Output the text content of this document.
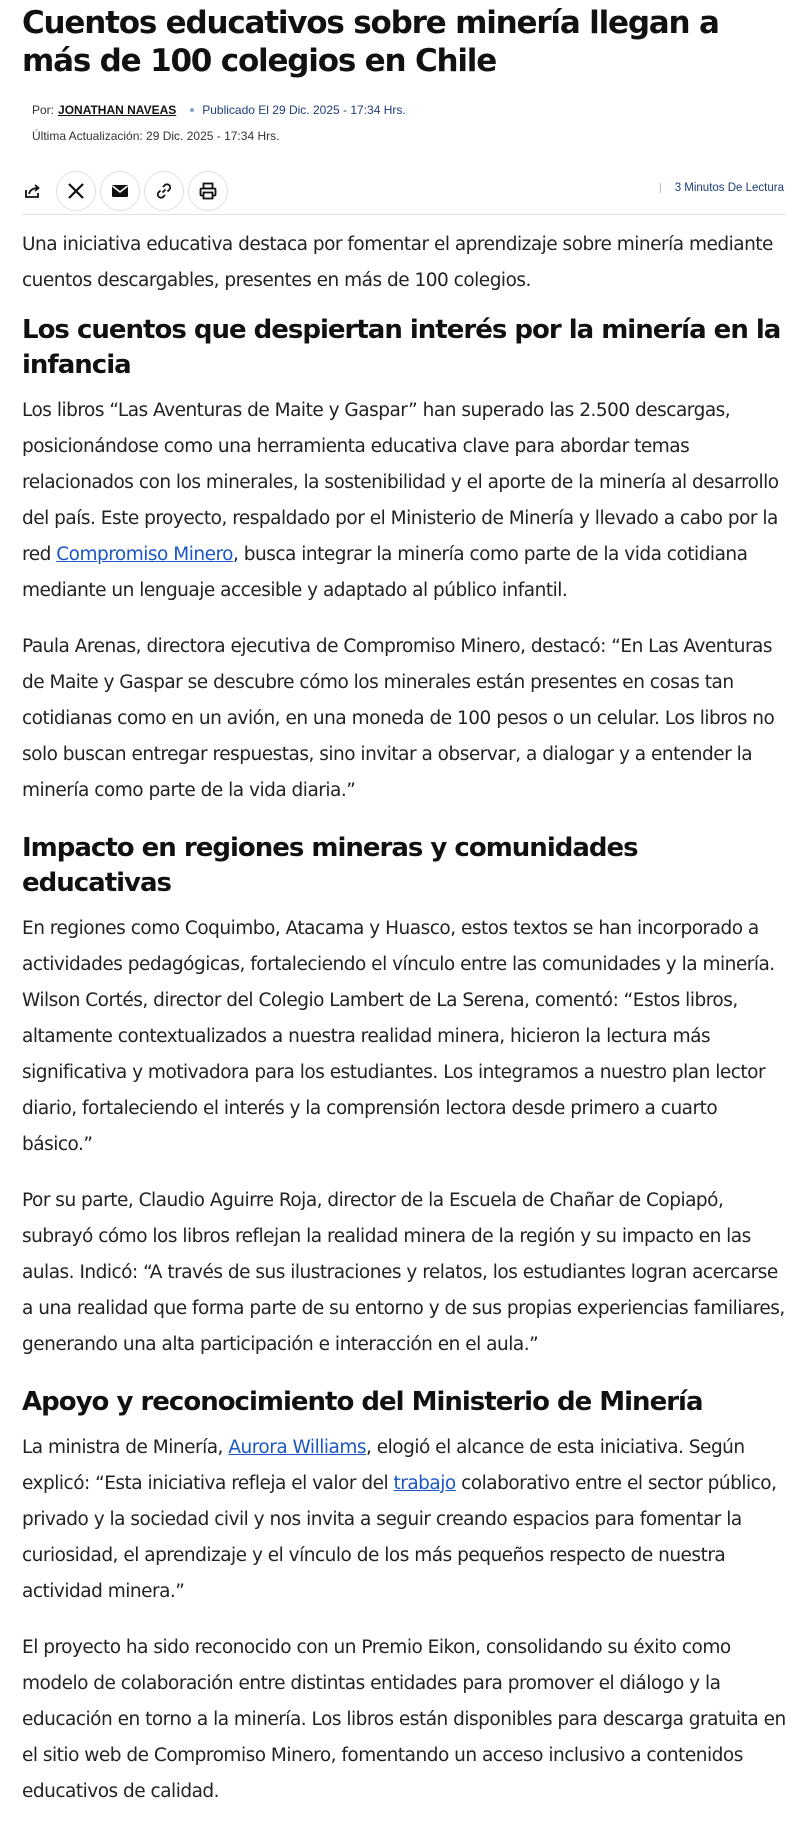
Cuentos educativos sobre minería llegan a más de 100 colegios en Chile
Por: JONATHAN NAVEAS Publicado El 29 Dic. 2025 - 17:34 Hrs.
Última Actualización: 29 Dic. 2025 - 17:34 Hrs.
3 Minutos De Lectura

Una iniciativa educativa destaca por fomentar el aprendizaje sobre minería mediante cuentos descargables, presentes en más de 100 colegios.

Los cuentos que despiertan interés por la minería en la infancia

Los libros “Las Aventuras de Maite y Gaspar” han superado las 2.500 descargas, posicionándose como una herramienta educativa clave para abordar temas relacionados con los minerales, la sostenibilidad y el aporte de la minería al desarrollo del país. Este proyecto, respaldado por el Ministerio de Minería y llevado a cabo por la red Compromiso Minero, busca integrar la minería como parte de la vida cotidiana mediante un lenguaje accesible y adaptado al público infantil.

Paula Arenas, directora ejecutiva de Compromiso Minero, destacó: “En Las Aventuras de Maite y Gaspar se descubre cómo los minerales están presentes en cosas tan cotidianas como en un avión, en una moneda de 100 pesos o un celular. Los libros no solo buscan entregar respuestas, sino invitar a observar, a dialogar y a entender la minería como parte de la vida diaria.”

Impacto en regiones mineras y comunidades educativas

En regiones como Coquimbo, Atacama y Huasco, estos textos se han incorporado a actividades pedagógicas, fortaleciendo el vínculo entre las comunidades y la minería. Wilson Cortés, director del Colegio Lambert de La Serena, comentó: “Estos libros, altamente contextualizados a nuestra realidad minera, hicieron la lectura más significativa y motivadora para los estudiantes. Los integramos a nuestro plan lector diario, fortaleciendo el interés y la comprensión lectora desde primero a cuarto básico.”

Por su parte, Claudio Aguirre Roja, director de la Escuela de Chañar de Copiapó, subrayó cómo los libros reflejan la realidad minera de la región y su impacto en las aulas. Indicó: “A través de sus ilustraciones y relatos, los estudiantes logran acercarse a una realidad que forma parte de su entorno y de sus propias experiencias familiares, generando una alta participación e interacción en el aula.”

Apoyo y reconocimiento del Ministerio de Minería

La ministra de Minería, Aurora Williams, elogió el alcance de esta iniciativa. Según explicó: “Esta iniciativa refleja el valor del trabajo colaborativo entre el sector público, privado y la sociedad civil y nos invita a seguir creando espacios para fomentar la curiosidad, el aprendizaje y el vínculo de los más pequeños respecto de nuestra actividad minera.”

El proyecto ha sido reconocido con un Premio Eikon, consolidando su éxito como modelo de colaboración entre distintas entidades para promover el diálogo y la educación en torno a la minería. Los libros están disponibles para descarga gratuita en el sitio web de Compromiso Minero, fomentando un acceso inclusivo a contenidos educativos de calidad.
